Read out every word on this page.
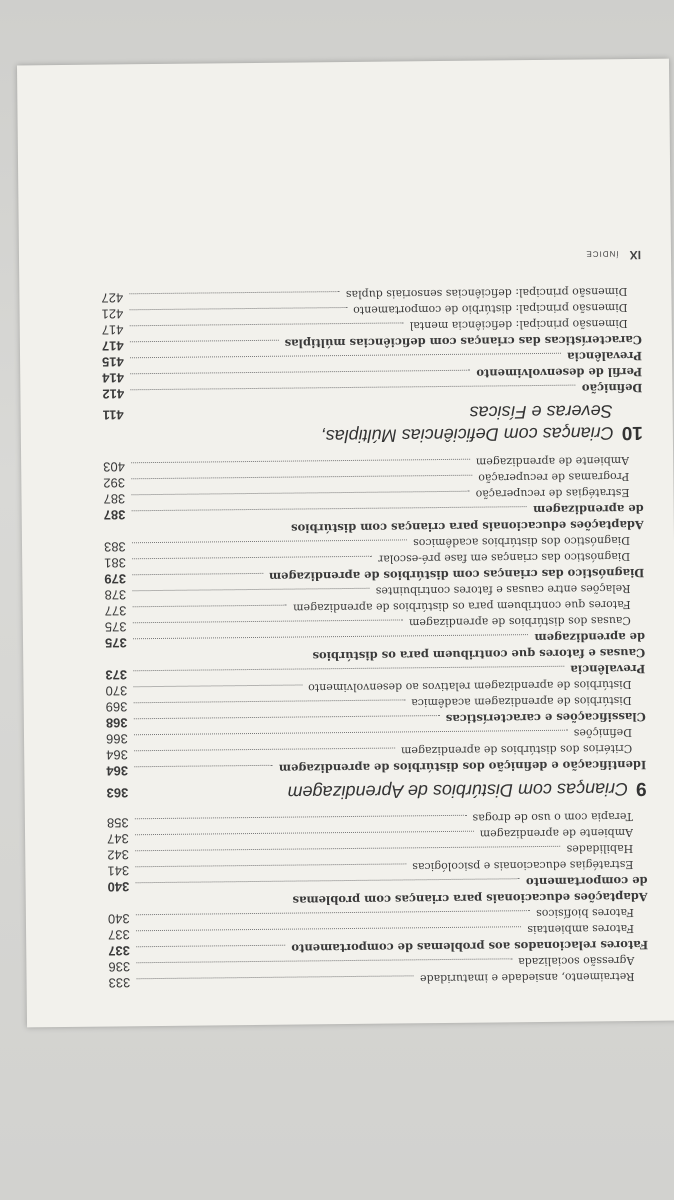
Retraimento, ansiedade e imaturidade
333
Agressão socializada
336
Fatores relacionados aos problemas de comportamento
337
Fatores ambientais
337
Fatores biofísicos
340
Adaptações educacionais para crianças com problemas
de comportamento
340
Estratégias educacionais e psicológicas
341
Habilidades
342
Ambiente de aprendizagem
347
Terapia com o uso de drogas
358
9
Crianças com Distúrbios de Aprendizagem
363
Identificação e definição dos distúrbios de aprendizagem
364
Critérios dos distúrbios de aprendizagem
364
Definições
366
Classificações e características
368
Distúrbios de aprendizagem acadêmica
369
Distúrbios de aprendizagem relativos ao desenvolvimento
370
Prevalência
373
Causas e fatores que contribuem para os distúrbios
de aprendizagem
375
Causas dos distúrbios de aprendizagem
375
Fatores que contribuem para os distúrbios de aprendizagem
377
Relações entre causas e fatores contribuintes
378
Diagnóstico das crianças com distúrbios de aprendizagem
379
Diagnóstico das crianças em fase pré-escolar
381
Diagnóstico dos distúrbios acadêmicos
383
Adaptações educacionais para crianças com distúrbios
de aprendizagem
387
Estratégias de recuperação
387
Programas de recuperação
392
Ambiente de aprendizagem
403
10
Crianças com Deficiências Múltiplas,
Severas e Físicas
411
Definição
412
Perfil de desenvolvimento
414
Prevalência
415
Características das crianças com deficiências múltiplas
417
Dimensão principal: deficiência mental
417
Dimensão principal: distúrbio de comportamento
421
Dimensão principal: deficiências sensoriais duplas
427
IX ÍNDICE
